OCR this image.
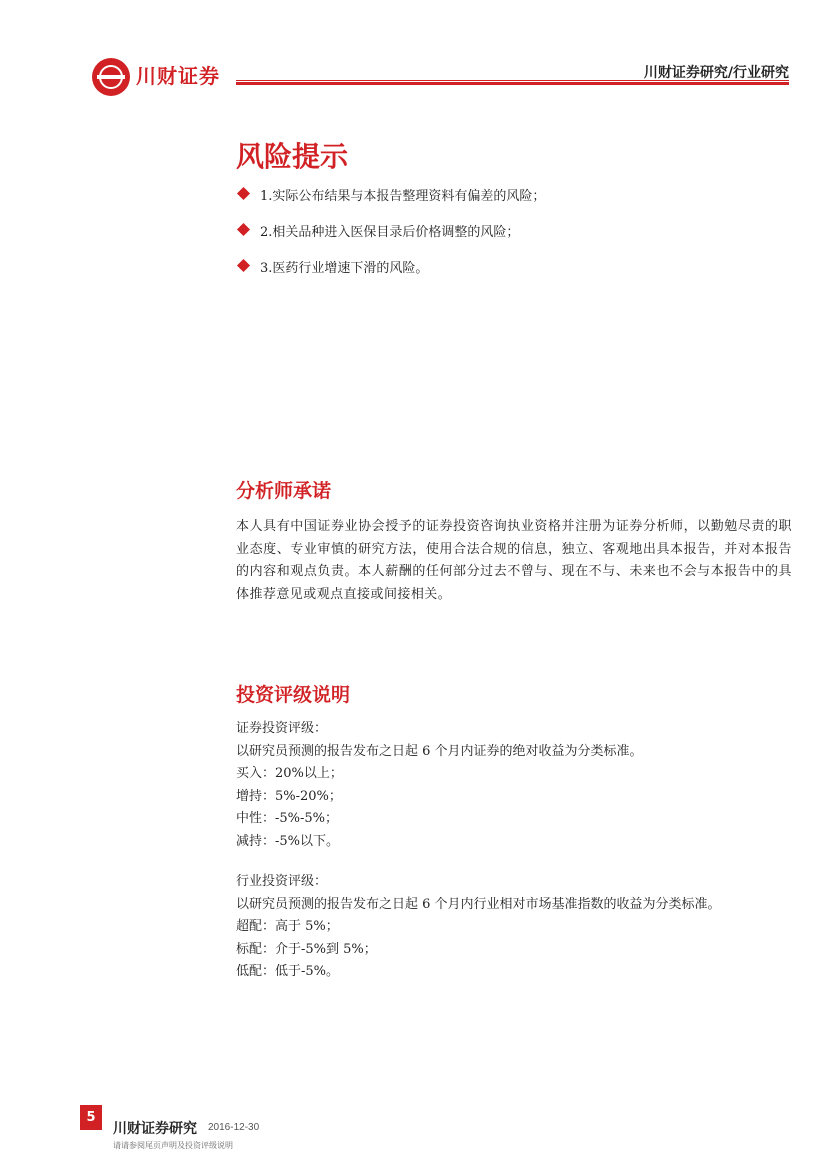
川财证券	川财证券研究/行业研究
风险提示
1.实际公布结果与本报告整理资料有偏差的风险；
2.相关品种进入医保目录后价格调整的风险；
3.医药行业增速下滑的风险。
分析师承诺
本人具有中国证券业协会授予的证券投资咨询执业资格并注册为证券分析师，以勤勉尽责的职业态度、专业审慎的研究方法，使用合法合规的信息，独立、客观地出具本报告，并对本报告的内容和观点负责。本人薪酬的任何部分过去不曾与、现在不与、未来也不会与本报告中的具体推荐意见或观点直接或间接相关。
投资评级说明
证券投资评级：
以研究员预测的报告发布之日起 6 个月内证券的绝对收益为分类标准。
买入：20%以上；
增持：5%-20%；
中性：-5%-5%；
减持：-5%以下。
行业投资评级：
以研究员预测的报告发布之日起 6 个月内行业相对市场基准指数的收益为分类标准。
超配：高于 5%；
标配：介于-5%到 5%；
低配：低于-5%。
5
川财证券研究 2016-12-30
请请参阅尾页声明及投资评级说明
